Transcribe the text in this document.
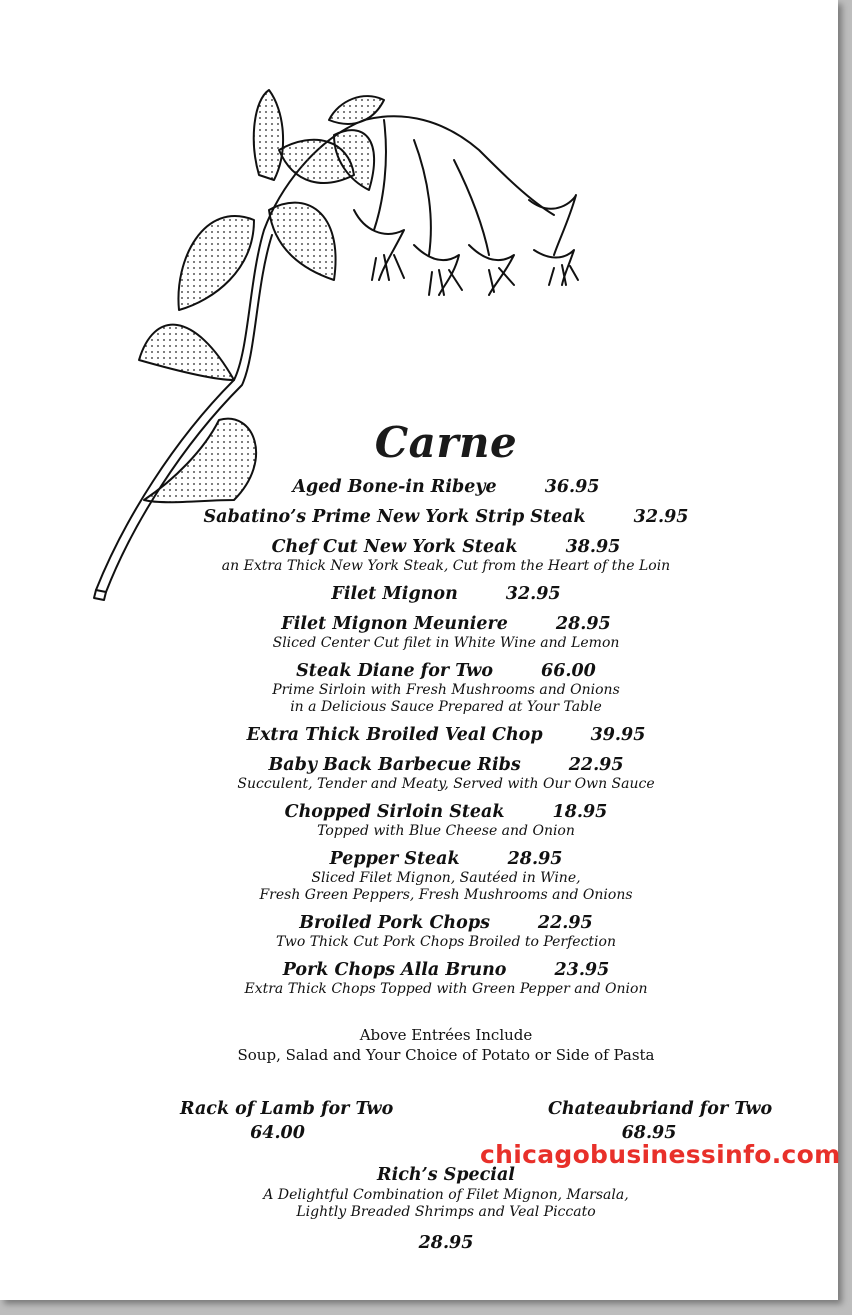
Carne
Aged Bone-in Ribeye	36.95
Sabatino’s Prime New York Strip Steak	32.95
Chef Cut New York Steak	38.95
an Extra Thick New York Steak, Cut from the Heart of the Loin
Filet Mignon	32.95
Filet Mignon Meuniere	28.95
Sliced Center Cut filet in White Wine and Lemon
Steak Diane for Two	66.00
Prime Sirloin with Fresh Mushrooms and Onions
in a Delicious Sauce Prepared at Your Table
Extra Thick Broiled Veal Chop	39.95
Baby Back Barbecue Ribs	22.95
Succulent, Tender and Meaty, Served with Our Own Sauce
Chopped Sirloin Steak	18.95
Topped with Blue Cheese and Onion
Pepper Steak	28.95
Sliced Filet Mignon, Sautéed in Wine,
Fresh Green Peppers, Fresh Mushrooms and Onions
Broiled Pork Chops	22.95
Two Thick Cut Pork Chops Broiled to Perfection
Pork Chops Alla Bruno	23.95
Extra Thick Chops Topped with Green Pepper and Onion
Above Entrées Include
Soup, Salad and Your Choice of Potato or Side of Pasta
Rack of Lamb for Two
64.00
Chateaubriand for Two
68.95
Rich’s Special
A Delightful Combination of Filet Mignon, Marsala,
Lightly Breaded Shrimps and Veal Piccato
28.95
chicagobusinessinfo.com
